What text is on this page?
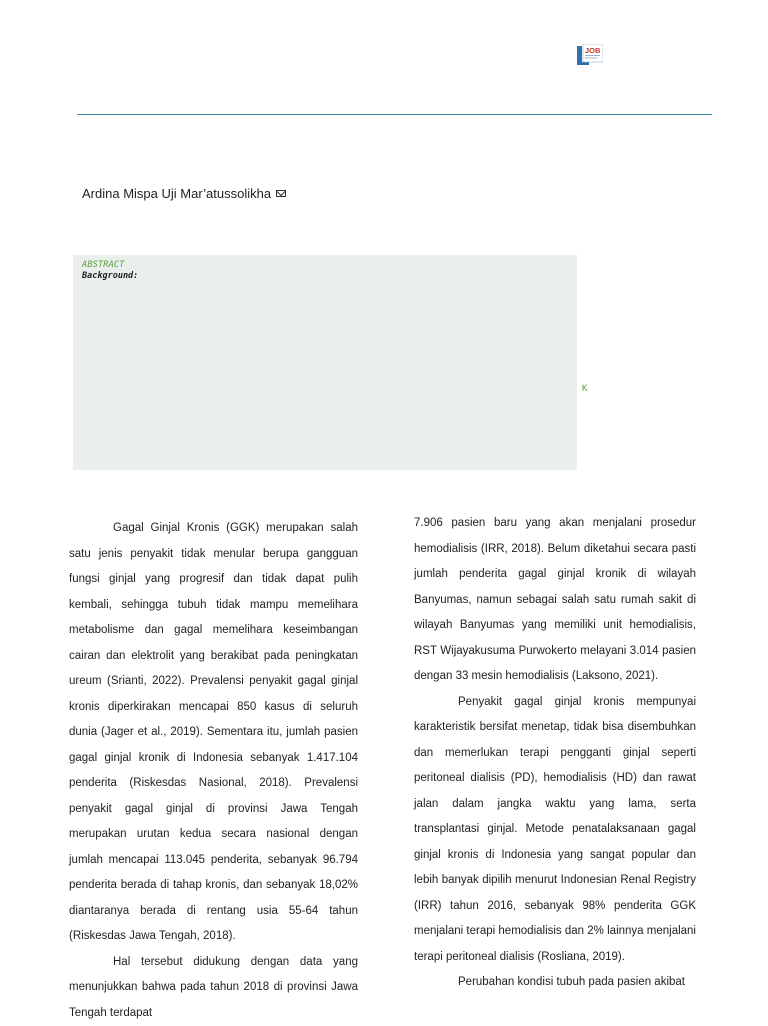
JOB
Ardina Mispa Uji Mar’atussolikha
ABSTRACT
Background:
K

Gagal Ginjal Kronis (GGK) merupakan salah satu jenis penyakit tidak menular berupa gangguan fungsi ginjal yang progresif dan tidak dapat pulih kembali, sehingga tubuh tidak mampu memelihara metabolisme dan gagal memelihara keseimbangan cairan dan elektrolit yang berakibat pada peningkatan ureum (Srianti, 2022). Prevalensi penyakit gagal ginjal kronis diperkirakan mencapai 850 kasus di seluruh dunia (Jager et al., 2019). Sementara itu, jumlah pasien gagal ginjal kronik di Indonesia sebanyak 1.417.104 penderita (Riskesdas Nasional, 2018). Prevalensi penyakit gagal ginjal di provinsi Jawa Tengah merupakan urutan kedua secara nasional dengan jumlah mencapai 113.045 penderita, sebanyak 96.794 penderita berada di tahap kronis, dan sebanyak 18,02% diantaranya berada di rentang usia 55-64 tahun (Riskesdas Jawa Tengah, 2018).

Hal tersebut didukung dengan data yang menunjukkan bahwa pada tahun 2018 di provinsi Jawa Tengah terdapat

7.906 pasien baru yang akan menjalani prosedur hemodialisis (IRR, 2018). Belum diketahui secara pasti jumlah penderita gagal ginjal kronik di wilayah Banyumas, namun sebagai salah satu rumah sakit di wilayah Banyumas yang memiliki unit hemodialisis, RST Wijayakusuma Purwokerto melayani 3.014 pasien dengan 33 mesin hemodialisis (Laksono, 2021).

Penyakit gagal ginjal kronis mempunyai karakteristik bersifat menetap, tidak bisa disembuhkan dan memerlukan terapi pengganti ginjal seperti peritoneal dialisis (PD), hemodialisis (HD) dan rawat jalan dalam jangka waktu yang lama, serta transplantasi ginjal. Metode penatalaksanaan gagal ginjal kronis di Indonesia yang sangat popular dan lebih banyak dipilih menurut Indonesian Renal Registry (IRR) tahun 2016, sebanyak 98% penderita GGK menjalani terapi hemodialisis dan 2% lainnya menjalani terapi peritoneal dialisis (Rosliana, 2019).

Perubahan kondisi tubuh pada pasien akibat
